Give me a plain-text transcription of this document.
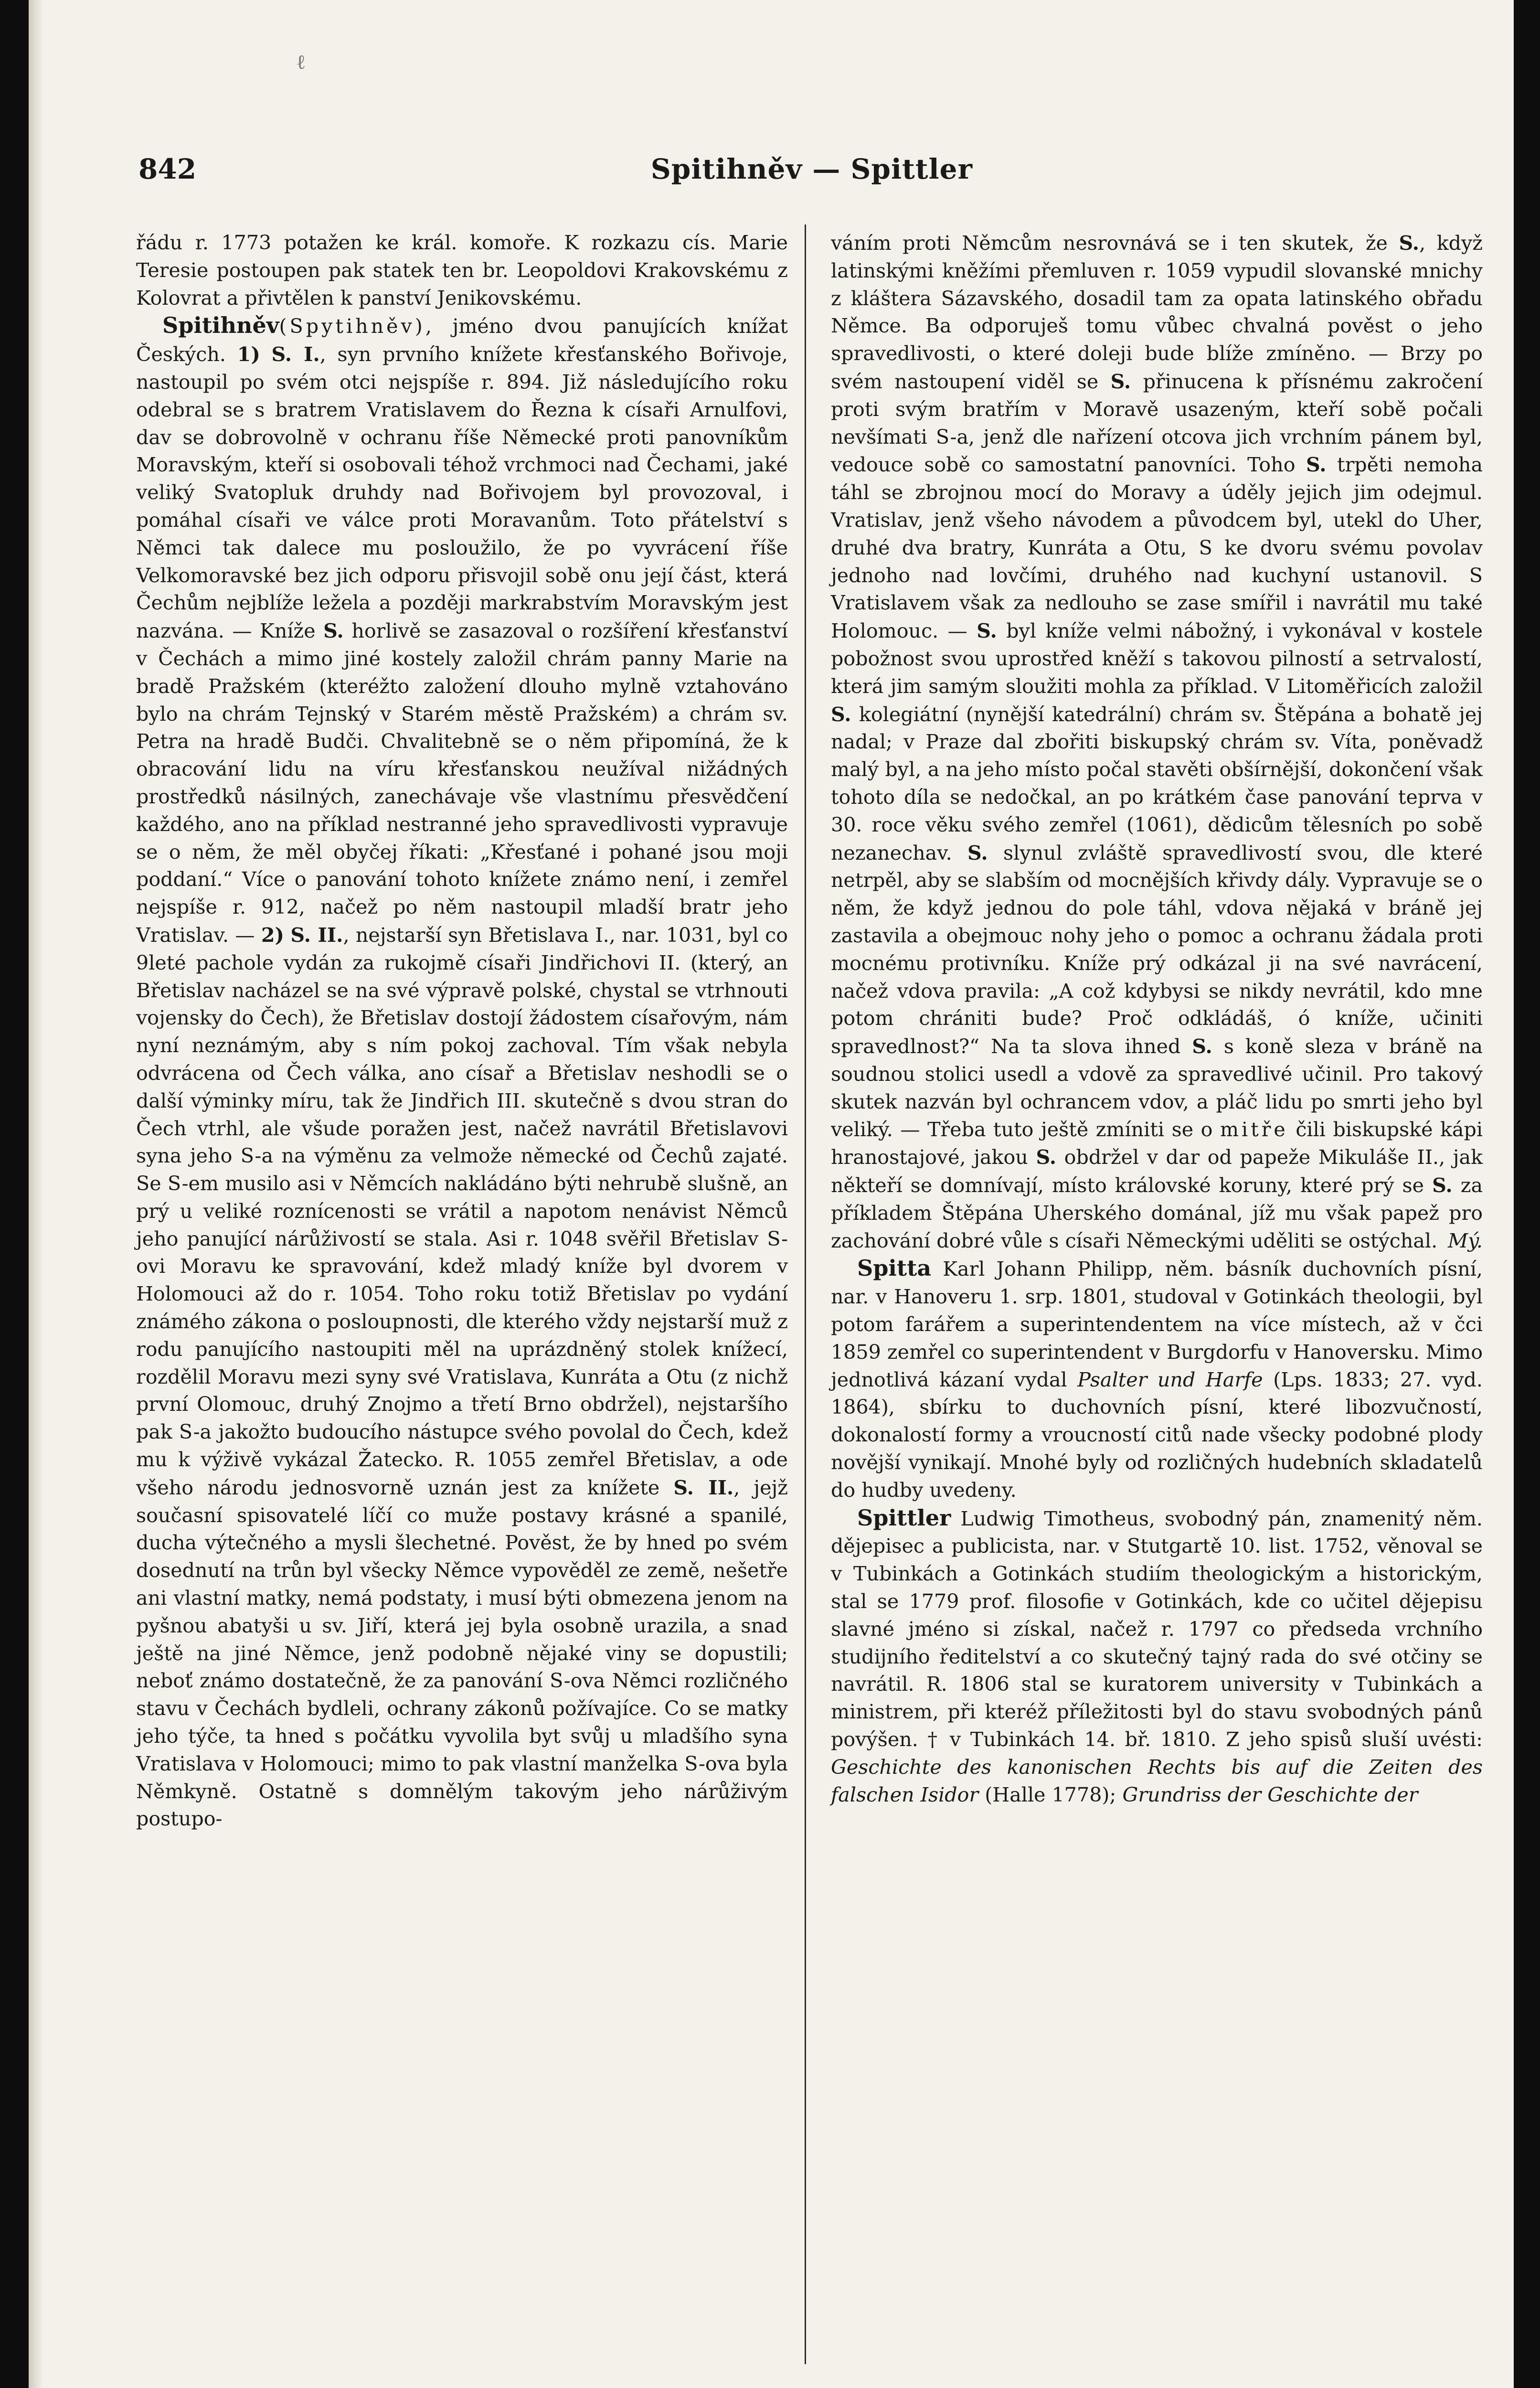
ℓ
842	Spitihněv — Spittler

řádu r. 1773 potažen ke král. komoře. K rozkazu cís. Marie Teresie postoupen pak statek ten br. Leopoldovi Krakovskému z Kolovrat a přivtělen k panství Jenikovskému.

Spitihněv(Spytihněv), jméno dvou panujících knížat Českých. 1) S. I., syn prvního knížete křesťanského Bořivoje, nastoupil po svém otci nejspíše r. 894. Již následujícího roku odebral se s bratrem Vratislavem do Řezna k císaři Arnulfovi, dav se dobrovolně v ochranu říše Německé proti panovníkům Moravským, kteří si osobovali téhož vrchmoci nad Čechami, jaké veliký Svatopluk druhdy nad Bořivojem byl provozoval, i pomáhal císaři ve válce proti Moravanům. Toto přátelství s Němci tak dalece mu posloužilo, že po vyvrácení říše Velkomoravské bez jich odporu přisvojil sobě onu její část, která Čechům nejblíže ležela a později markrabstvím Moravským jest nazvána. — Kníže S. horlivě se zasazoval o rozšíření křesťanství v Čechách a mimo jiné kostely založil chrám panny Marie na bradě Pražském (kteréžto založení dlouho mylně vztahováno bylo na chrám Tejnský v Starém městě Pražském) a chrám sv. Petra na hradě Budči. Chvalitebně se o něm připomíná, že k obracování lidu na víru křesťanskou neužíval nižádných prostředků násilných, zanechávaje vše vlastnímu přesvědčení každého, ano na příklad nestranné jeho spravedlivosti vypravuje se o něm, že měl obyčej říkati: „Křesťané i pohané jsou moji poddaní.“ Více o panování tohoto knížete známo není, i zemřel nejspíše r. 912, načež po něm nastoupil mladší bratr jeho Vratislav. — 2) S. II., nejstarší syn Břetislava I., nar. 1031, byl co 9leté pachole vydán za rukojmě císaři Jindřichovi II. (který, an Břetislav nacházel se na své výpravě polské, chystal se vtrhnouti vojensky do Čech), že Břetislav dostojí žádostem císařovým, nám nyní neznámým, aby s ním pokoj zachoval. Tím však nebyla odvrácena od Čech válka, ano císař a Břetislav neshodli se o další výminky míru, tak že Jindřich III. skutečně s dvou stran do Čech vtrhl, ale všude poražen jest, načež navrátil Břetislavovi syna jeho S-a na výměnu za velmože německé od Čechů zajaté. Se S-em musilo asi v Němcích nakládáno býti nehrubě slušně, an prý u veliké roznícenosti se vrátil a napotom nenávist Němců jeho panující nárůživostí se stala. Asi r. 1048 svěřil Břetislav S-ovi Moravu ke spravování, kdež mladý kníže byl dvorem v Holomouci až do r. 1054. Toho roku totiž Břetislav po vydání známého zákona o posloupnosti, dle kterého vždy nejstarší muž z rodu panujícího nastoupiti měl na uprázdněný stolek knížecí, rozdělil Moravu mezi syny své Vratislava, Kunráta a Otu (z nichž první Olomouc, druhý Znojmo a třetí Brno obdržel), nejstaršího pak S-a jakožto budoucího nástupce svého povolal do Čech, kdež mu k výživě vykázal Žatecko. R. 1055 zemřel Břetislav, a ode všeho národu jednosvorně uznán jest za knížete S. II., jejž současní spisovatelé líčí co muže postavy krásné a spanilé, ducha výtečného a mysli šlechetné. Pověst, že by hned po svém dosednutí na trůn byl všecky Němce vypověděl ze země, nešetře ani vlastní matky, nemá podstaty, i musí býti obmezena jenom na pyšnou abatyši u sv. Jiří, která jej byla osobně urazila, a snad ještě na jiné Němce, jenž podobně nějaké viny se dopustili; neboť známo dostatečně, že za panování S-ova Němci rozličného stavu v Čechách bydleli, ochrany zákonů požívajíce. Co se matky jeho týče, ta hned s počátku vyvolila byt svůj u mladšího syna Vratislava v Holomouci; mimo to pak vlastní manželka S-ova byla Němkyně. Ostatně s domnělým takovým jeho nárůživým postupo-

váním proti Němcům nesrovnává se i ten skutek, že S., když latinskými kněžími přemluven r. 1059 vypudil slovanské mnichy z kláštera Sázavského, dosadil tam za opata latinského obřadu Němce. Ba odporuješ tomu vůbec chvalná pověst o jeho spravedlivosti, o které doleji bude blíže zmíněno. — Brzy po svém nastoupení viděl se S. přinucena k přísnému zakročení proti svým bratřím v Moravě usazeným, kteří sobě počali nevšímati S-a, jenž dle nařízení otcova jich vrchním pánem byl, vedouce sobě co samostatní panovníci. Toho S. trpěti nemoha táhl se zbrojnou mocí do Moravy a úděly jejich jim odejmul. Vratislav, jenž všeho návodem a původcem byl, utekl do Uher, druhé dva bratry, Kunráta a Otu, S ke dvoru svému povolav jednoho nad lovčími, druhého nad kuchyní ustanovil. S Vratislavem však za nedlouho se zase smířil i navrátil mu také Holomouc. — S. byl kníže velmi nábožný, i vykonával v kostele pobožnost svou uprostřed kněží s takovou pilností a setrvalostí, která jim samým sloužiti mohla za příklad. V Litoměřicích založil S. kolegiátní (nynější katedrální) chrám sv. Štěpána a bohatě jej nadal; v Praze dal zbořiti biskupský chrám sv. Víta, poněvadž malý byl, a na jeho místo počal stavěti obšírnější, dokončení však tohoto díla se nedočkal, an po krátkém čase panování teprva v 30. roce věku svého zemřel (1061), dědicům tělesních po sobě nezanechav. S. slynul zvláště spravedlivostí svou, dle které netrpěl, aby se slabším od mocnějších křivdy dály. Vypravuje se o něm, že když jednou do pole táhl, vdova nějaká v bráně jej zastavila a obejmouc nohy jeho o pomoc a ochranu žádala proti mocnému protivníku. Kníže prý odkázal ji na své navrácení, načež vdova pravila: „A což kdybysi se nikdy nevrátil, kdo mne potom chrániti bude? Proč odkládáš, ó kníže, učiniti spravedlnost?“ Na ta slova ihned S. s koně sleza v bráně na soudnou stolici usedl a vdově za spravedlivé učinil. Pro takový skutek nazván byl ochrancem vdov, a pláč lidu po smrti jeho byl veliký. — Třeba tuto ještě zmíniti se o mitře čili biskupské kápi hranostajové, jakou S. obdržel v dar od papeže Mikuláše II., jak někteří se domnívají, místo královské koruny, které prý se S. za příkladem Štěpána Uherského dománal, jíž mu však papež pro zachování dobré vůle s císaři Německými uděliti se ostýchal. Mý.

Spitta Karl Johann Philipp, něm. básník duchovních písní, nar. v Hanoveru 1. srp. 1801, studoval v Gotinkách theologii, byl potom farářem a superintendentem na více místech, až v čci 1859 zemřel co superintendent v Burgdorfu v Hanoversku. Mimo jednotlivá kázaní vydal Psalter und Harfe (Lps. 1833; 27. vyd. 1864), sbírku to duchovních písní, které libozvučností, dokonalostí formy a vroucností citů nade všecky podobné plody novější vynikají. Mnohé byly od rozličných hudebních skladatelů do hudby uvedeny.

Spittler Ludwig Timotheus, svobodný pán, znamenitý něm. dějepisec a publicista, nar. v Stutgartě 10. list. 1752, věnoval se v Tubinkách a Gotinkách studiím theologickým a historickým, stal se 1779 prof. filosofie v Gotinkách, kde co učitel dějepisu slavné jméno si získal, načež r. 1797 co předseda vrchního studijního ředitelství a co skutečný tajný rada do své otčiny se navrátil. R. 1806 stal se kuratorem university v Tubinkách a ministrem, při kteréž příležitosti byl do stavu svobodných pánů povýšen. † v Tubinkách 14. bř. 1810. Z jeho spisů sluší uvésti: Geschichte des kanonischen Rechts bis auf die Zeiten des falschen Isidor (Halle 1778); Grundriss der Geschichte der
